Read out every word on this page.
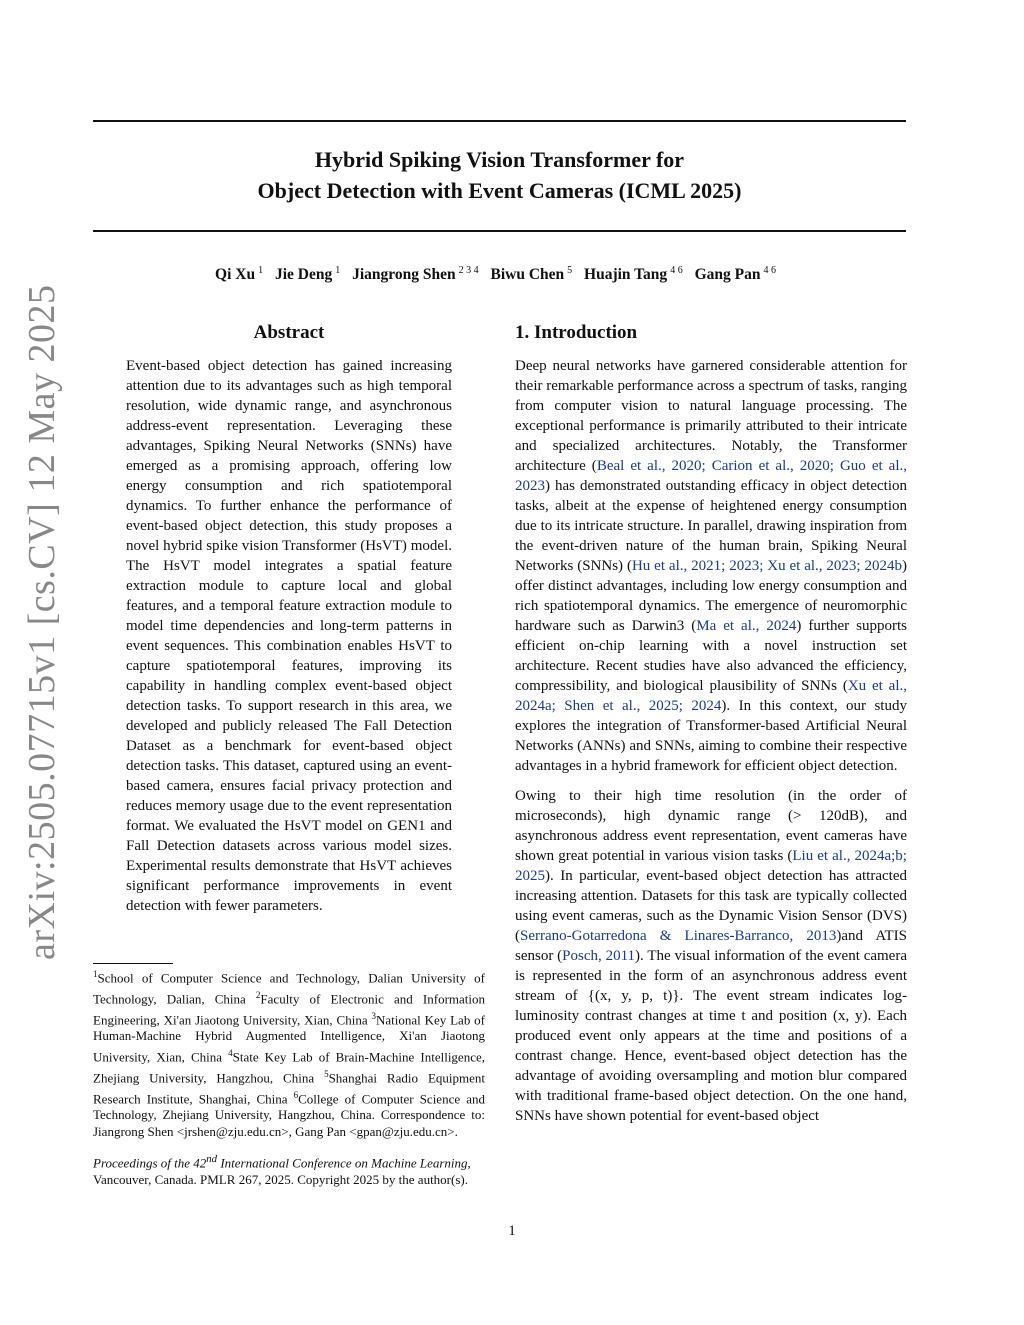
arXiv:2505.07715v1 [cs.CV] 12 May 2025
Hybrid Spiking Vision Transformer for
Object Detection with Event Cameras (ICML 2025)
Qi Xu $^1$ Jie Deng $^1$ Jiangrong Shen $^{2 3 4}$ Biwu Chen $^5$ Huajin Tang $^{4 6}$ Gang Pan $^{4 6}$
Abstract

Event-based object detection has gained increasing attention due to its advantages such as high temporal resolution, wide dynamic range, and asynchronous address-event representation. Leveraging these advantages, Spiking Neural Networks (SNNs) have emerged as a promising approach, offering low energy consumption and rich spatiotemporal dynamics. To further enhance the performance of event-based object detection, this study proposes a novel hybrid spike vision Transformer (HsVT) model. The HsVT model integrates a spatial feature extraction module to capture local and global features, and a temporal feature extraction module to model time dependencies and long-term patterns in event sequences. This combination enables HsVT to capture spatiotemporal features, improving its capability in handling complex event-based object detection tasks. To support research in this area, we developed and publicly released The Fall Detection Dataset as a benchmark for event-based object detection tasks. This dataset, captured using an event-based camera, ensures facial privacy protection and reduces memory usage due to the event representation format. We evaluated the HsVT model on GEN1 and Fall Detection datasets across various model sizes. Experimental results demonstrate that HsVT achieves significant performance improvements in event detection with fewer parameters.

1. Introduction

Deep neural networks have garnered considerable attention for their remarkable performance across a spectrum of tasks, ranging from computer vision to natural language processing. The exceptional performance is primarily attributed to their intricate and specialized architectures. Notably, the Transformer architecture (Beal et al., 2020; Carion et al., 2020; Guo et al., 2023) has demonstrated outstanding efficacy in object detection tasks, albeit at the expense of heightened energy consumption due to its intricate structure. In parallel, drawing inspiration from the event-driven nature of the human brain, Spiking Neural Networks (SNNs) (Hu et al., 2021; 2023; Xu et al., 2023; 2024b) offer distinct advantages, including low energy consumption and rich spatiotemporal dynamics. The emergence of neuromorphic hardware such as Darwin3 (Ma et al., 2024) further supports efficient on-chip learning with a novel instruction set architecture. Recent studies have also advanced the efficiency, compressibility, and biological plausibility of SNNs (Xu et al., 2024a; Shen et al., 2025; 2024). In this context, our study explores the integration of Transformer-based Artificial Neural Networks (ANNs) and SNNs, aiming to combine their respective advantages in a hybrid framework for efficient object detection.

Owing to their high time resolution (in the order of microseconds), high dynamic range (> 120dB), and asynchronous address event representation, event cameras have shown great potential in various vision tasks (Liu et al., 2024a;b; 2025). In particular, event-based object detection has attracted increasing attention. Datasets for this task are typically collected using event cameras, such as the Dynamic Vision Sensor (DVS) (Serrano-Gotarredona & Linares-Barranco, 2013)and ATIS sensor (Posch, 2011). The visual information of the event camera is represented in the form of an asynchronous address event stream of {(x, y, p, t)}. The event stream indicates log-luminosity contrast changes at time t and position (x, y). Each produced event only appears at the time and positions of a contrast change. Hence, event-based object detection has the advantage of avoiding oversampling and motion blur compared with traditional frame-based object detection. On the one hand, SNNs have shown potential for event-based object

$^1$School of Computer Science and Technology, Dalian University of Technology, Dalian, China $^2$Faculty of Electronic and Information Engineering, Xi'an Jiaotong University, Xian, China $^3$National Key Lab of Human-Machine Hybrid Augmented Intelligence, Xi'an Jiaotong University, Xian, China $^4$State Key Lab of Brain-Machine Intelligence, Zhejiang University, Hangzhou, China $^5$Shanghai Radio Equipment Research Institute, Shanghai, China $^6$College of Computer Science and Technology, Zhejiang University, Hangzhou, China. Correspondence to: Jiangrong Shen <jrshen@zju.edu.cn>, Gang Pan <gpan@zju.edu.cn>.

Proceedings of the 42nd International Conference on Machine Learning, Vancouver, Canada. PMLR 267, 2025. Copyright 2025 by the author(s).
1
